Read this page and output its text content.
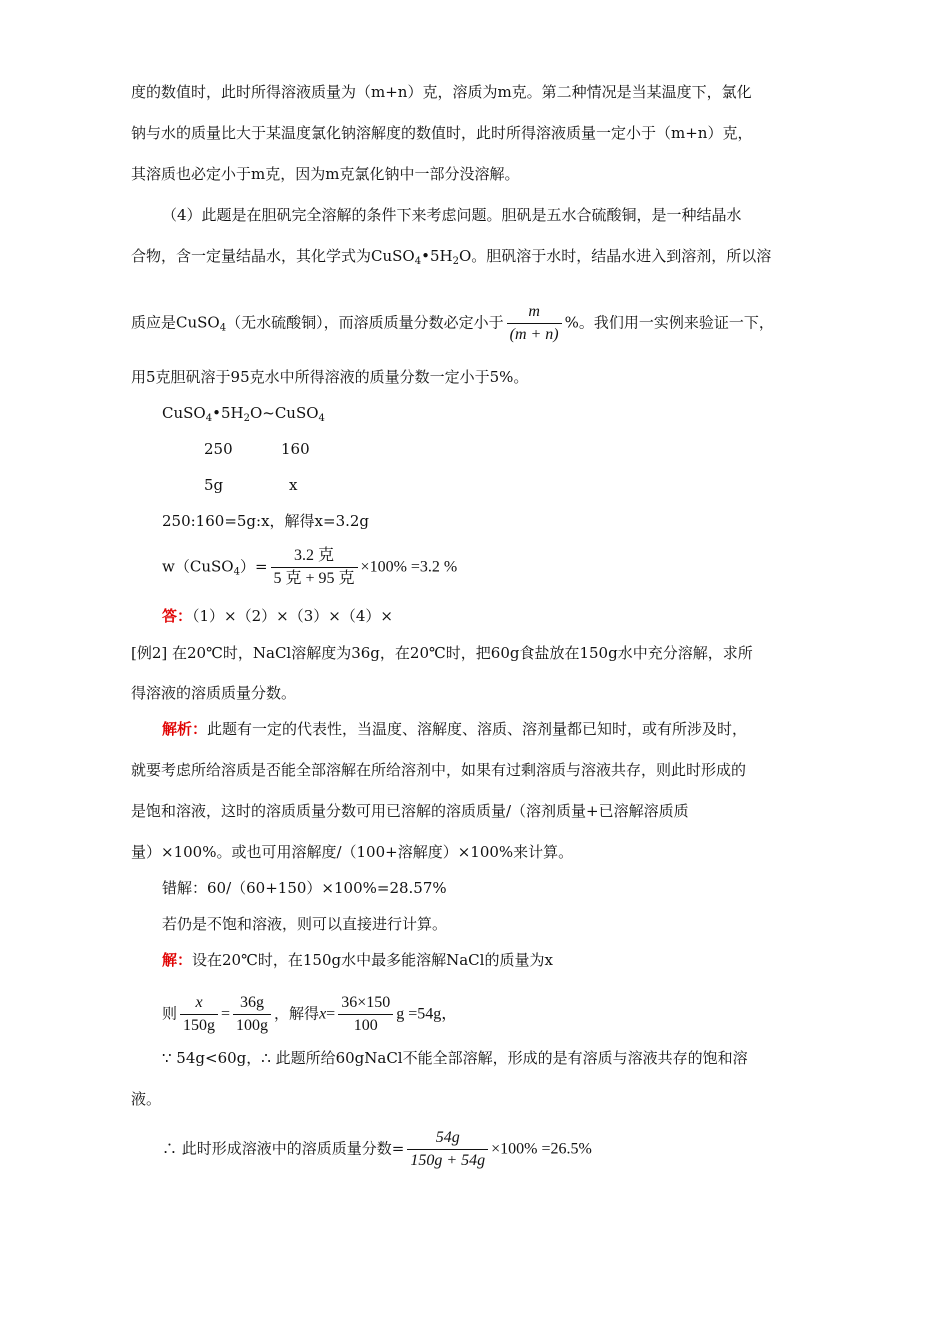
度的数值时，此时所得溶液质量为（m+n）克，溶质为m克。第二种情况是当某温度下，氯化
钠与水的质量比大于某温度氯化钠溶解度的数值时，此时所得溶液质量一定小于（m+n）克，
其溶质也必定小于m克，因为m克氯化钠中一部分没溶解。
（4）此题是在胆矾完全溶解的条件下来考虑问题。胆矾是五水合硫酸铜，是一种结晶水
合物，含一定量结晶水，其化学式为$CuSO_4•5H_2O$。胆矾溶于水时，结晶水进入到溶剂，所以溶
质应是CuSO$_4$（无水硫酸铜），而溶质质量分数必定小于 $\frac{m}{(m + n)}$ %。我们用一实例来验证一下，
用5克胆矾溶于95克水中所得溶液的质量分数一定小于5%。
$CuSO_4•5H_2O\sim CuSO_4$
250	160
5g	x
250:160=5g:x，解得x=3.2g
w（CuSO$_4$）= $\frac{\text{3.2 克}}{\text{5 克 + 95 克}} \times 100\% =3.2$ %
答：（1）×（2）×（3）×（4）×
[例2] 在20℃时，NaCl溶解度为36g，在20℃时，把60g食盐放在150g水中充分溶解，求所
得溶液的溶质质量分数。
解析：此题有一定的代表性，当温度、溶解度、溶质、溶剂量都已知时，或有所涉及时，
就要考虑所给溶质是否能全部溶解在所给溶剂中，如果有过剩溶质与溶液共存，则此时形成的
是饱和溶液，这时的溶质质量分数可用已溶解的溶质质量/（溶剂质量+已溶解溶质质
量）×100%。或也可用溶解度/（100+溶解度）×100%来计算。
错解：60/（60+150）×100%=28.57%
若仍是不饱和溶液，则可以直接进行计算。
解：设在20℃时，在150g水中最多能溶解NaCl的质量为x
则 $\frac{x}{150g} = \frac{36g}{100g}$ ，解得$x= \frac{36\times 150}{100}$ g =54g，
∵ 54g<60g，∴ 此题所给60gNaCl不能全部溶解，形成的是有溶质与溶液共存的饱和溶
液。
∴ 此时形成溶液中的溶质质量分数= $\frac{54g}{150g + 54g} \times 100\% =26.5\%$
